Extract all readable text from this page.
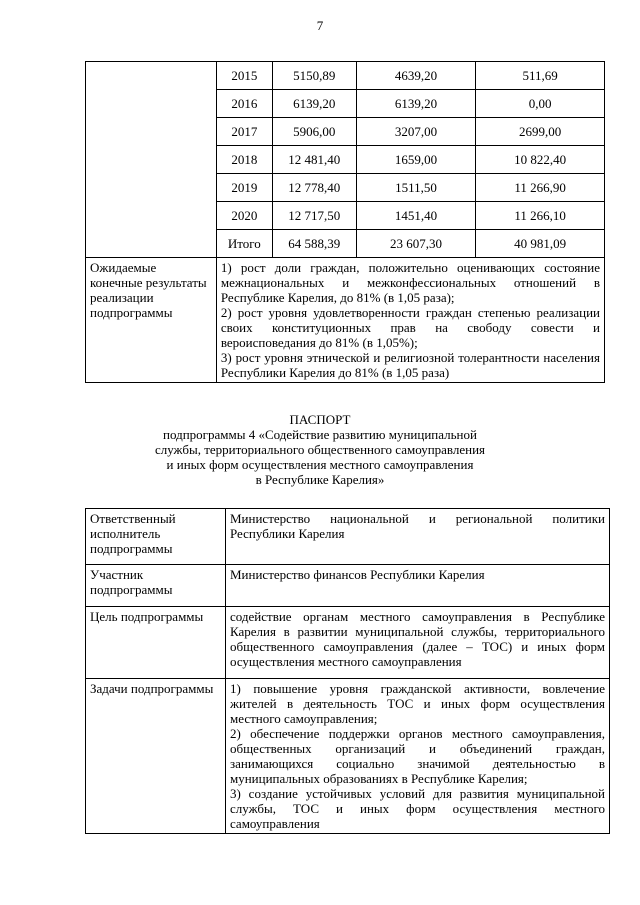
7
	2015	5150,89	4639,20	511,69
	2016	6139,20	6139,20	0,00
	2017	5906,00	3207,00	2699,00
	2018	12 481,40	1659,00	10 822,40
	2019	12 778,40	1511,50	11 266,90
	2020	12 717,50	1451,40	11 266,10
	Итого	64 588,39	23 607,30	40 981,09
Ожидаемые конечные результаты реализации подпрограммы	1) рост доли граждан, положительно оценивающих состояние межнациональных и межконфессиональных отношений в Республике Карелия, до 81% (в 1,05 раза);
2) рост уровня удовлетворенности граждан степенью реализации своих конституционных прав на свободу совести и вероисповедания до 81% (в 1,05%);
3) рост уровня этнической и религиозной толерантности населения Республики Карелия до 81% (в 1,05 раза)			
ПАСПОРТ
подпрограммы 4 «Содействие развитию муниципальной
службы, территориального общественного самоуправления
и иных форм осуществления местного самоуправления
в Республике Карелия»
Ответственный исполнитель подпрограммы	Министерство национальной и региональной политики Республики Карелия
Участник подпрограммы	Министерство финансов Республики Карелия
Цель подпрограммы	содействие органам местного самоуправления в Республике Карелия в развитии муниципальной службы, территориального общественного самоуправления (далее – ТОС) и иных форм осуществления местного самоуправления
Задачи подпрограммы	1) повышение уровня гражданской активности, вовлечение жителей в деятельность ТОС и иных форм осуществления местного самоуправления;
2) обеспечение поддержки органов местного самоуправления, общественных организаций и объединений граждан, занимающихся социально значимой деятельностью в муниципальных образованиях в Республике Карелия;
3) создание устойчивых условий для развития муниципальной службы, ТОС и иных форм осуществления местного самоуправления
